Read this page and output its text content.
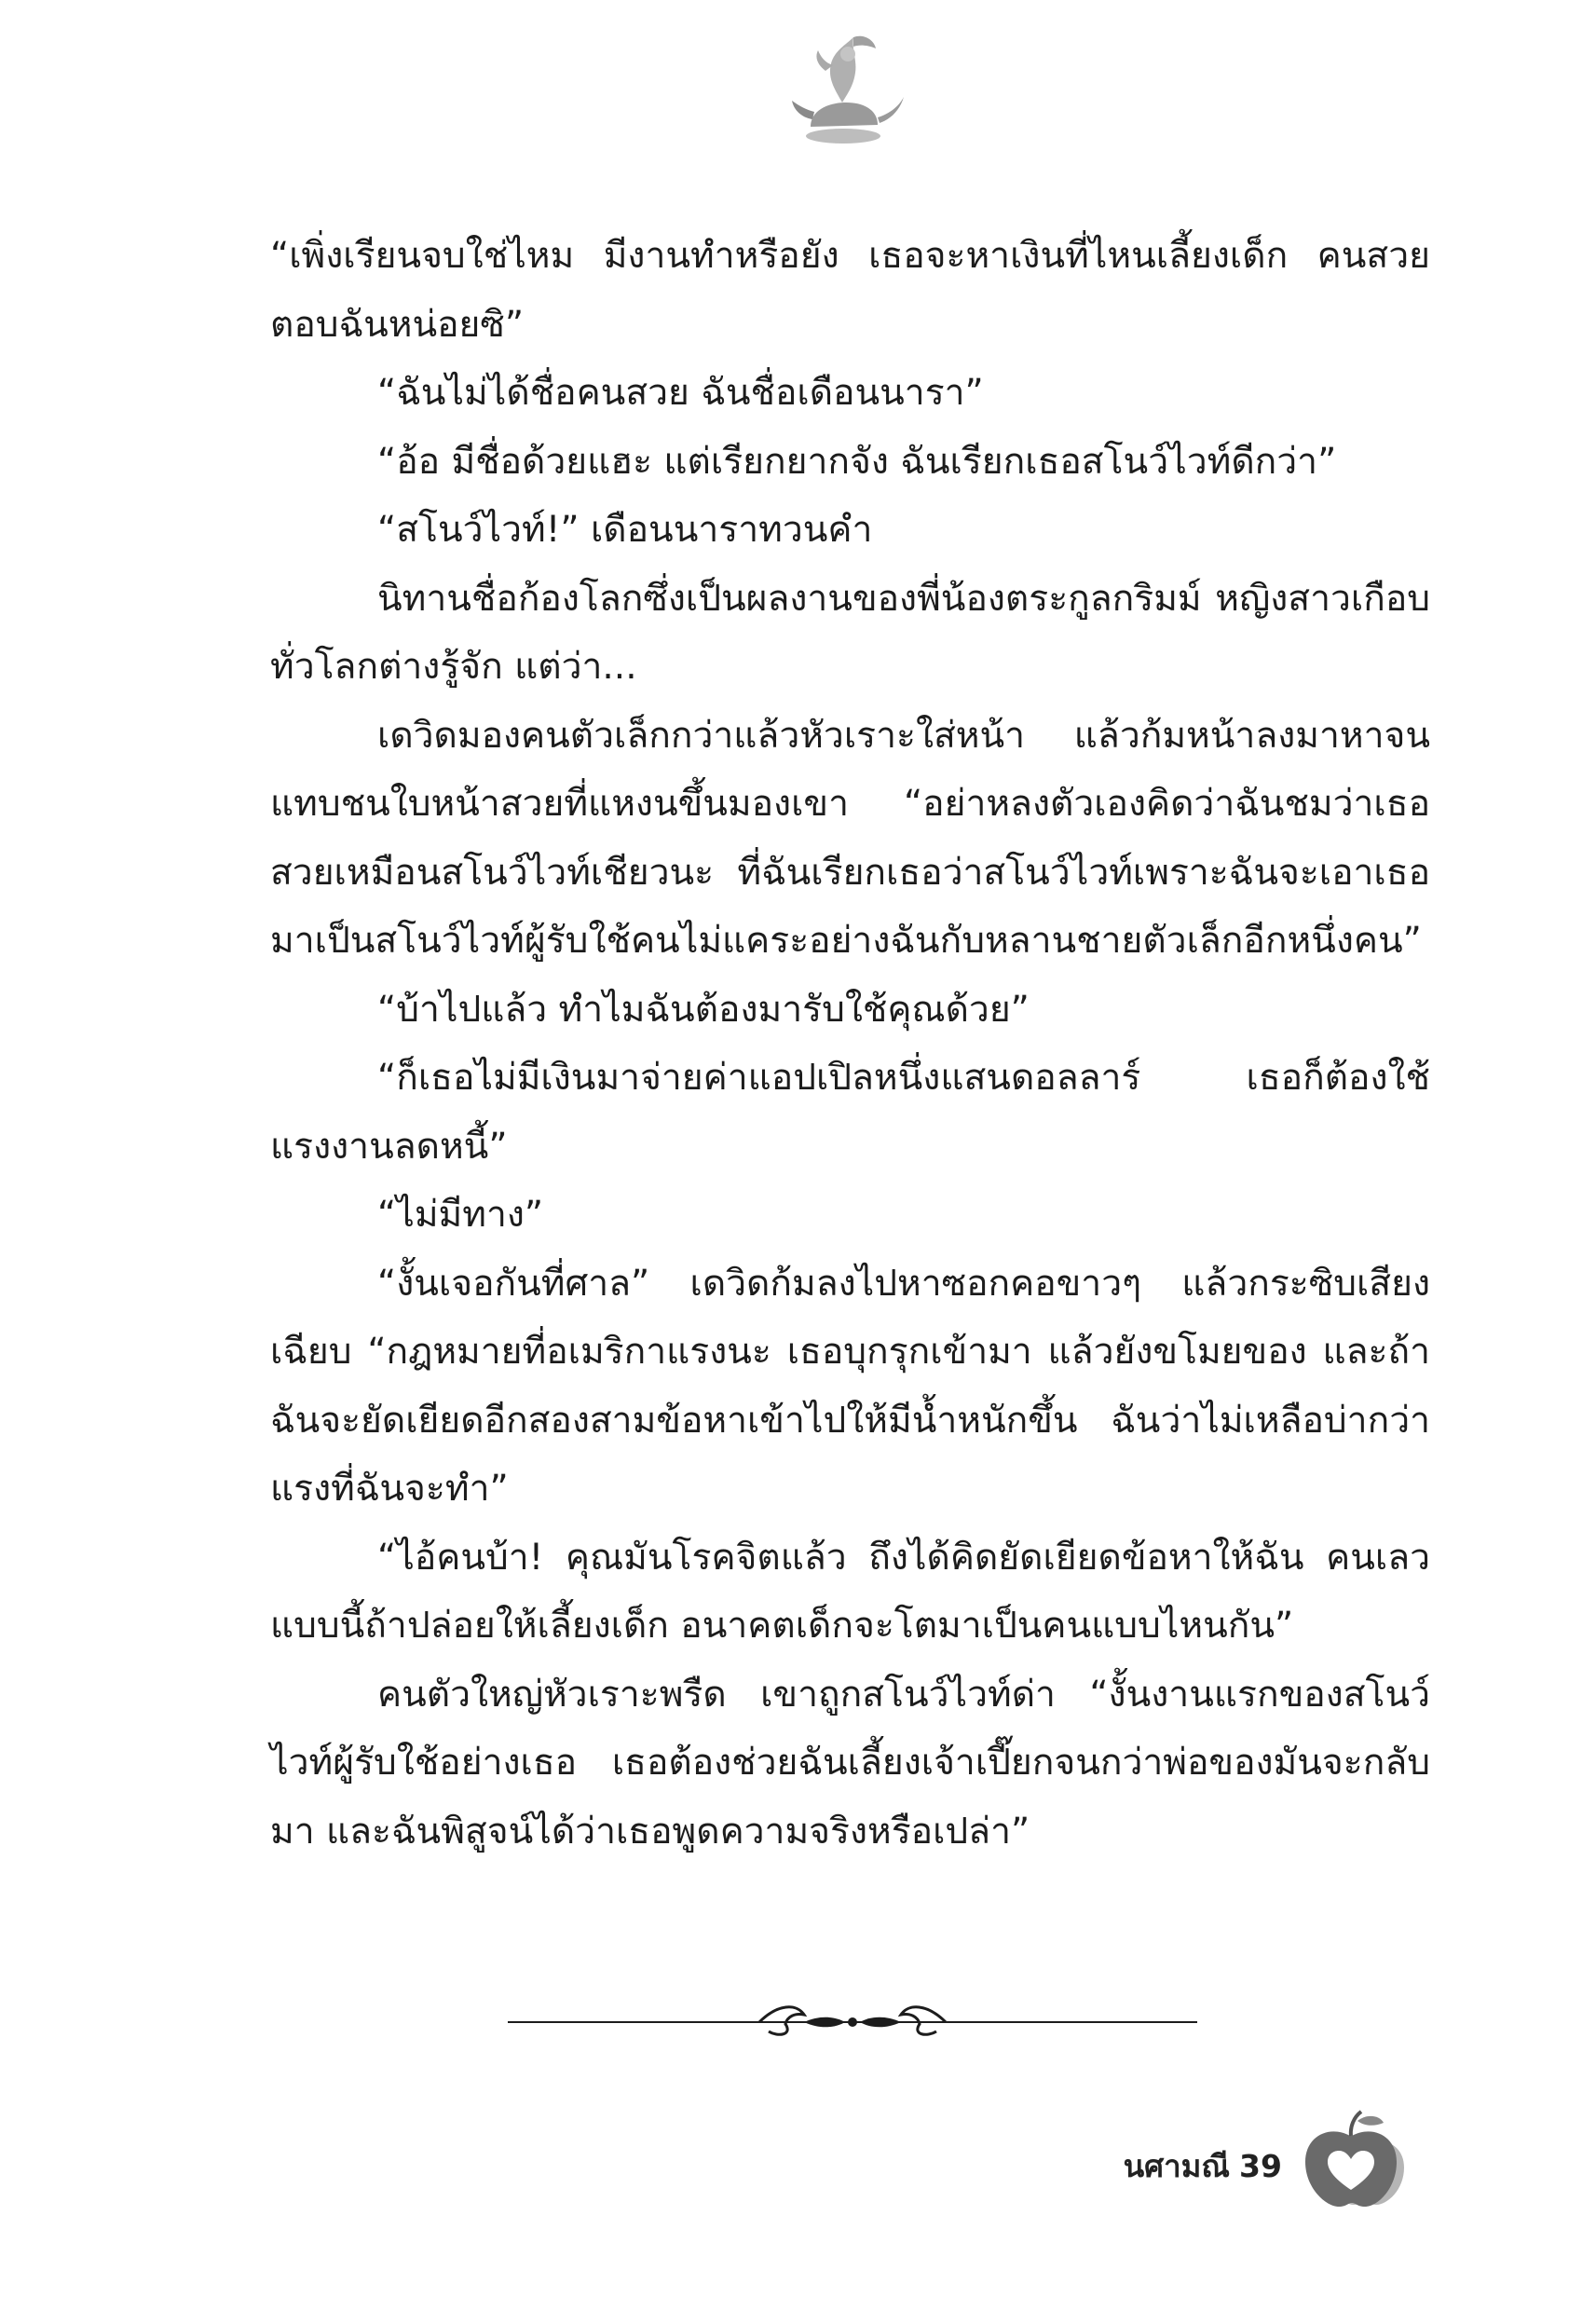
“เพิ่งเรียนจบใช่ไหม มีงานทำหรือยัง เธอจะหาเงินที่ไหนเลี้ยงเด็ก คนสวย ตอบฉันหน่อยซิ”

“ฉันไม่ได้ชื่อคนสวย ฉันชื่อเดือนนารา”

“อ้อ มีชื่อด้วยแฮะ แต่เรียกยากจัง ฉันเรียกเธอสโนว์ไวท์ดีกว่า”

“สโนว์ไวท์!” เดือนนาราทวนคำ

นิทานชื่อก้องโลกซึ่งเป็นผลงานของพี่น้องตระกูลกริมม์ หญิงสาวเกือบทั่วโลกต่างรู้จัก แต่ว่า...

เดวิดมองคนตัวเล็กกว่าแล้วหัวเราะใส่หน้า แล้วก้มหน้าลงมาหาจนแทบชนใบหน้าสวยที่แหงนขึ้นมองเขา “อย่าหลงตัวเองคิดว่าฉันชมว่าเธอสวยเหมือนสโนว์ไวท์เชียวนะ ที่ฉันเรียกเธอว่าสโนว์ไวท์เพราะฉันจะเอาเธอมาเป็นสโนว์ไวท์ผู้รับใช้คนไม่แคระอย่างฉันกับหลานชายตัวเล็กอีกหนึ่งคน”

“บ้าไปแล้ว ทำไมฉันต้องมารับใช้คุณด้วย”

“ก็เธอไม่มีเงินมาจ่ายค่าแอปเปิลหนึ่งแสนดอลลาร์ เธอก็ต้องใช้แรงงานลดหนี้”

“ไม่มีทาง”

“งั้นเจอกันที่ศาล” เดวิดก้มลงไปหาซอกคอขาวๆ แล้วกระซิบเสียงเฉียบ “กฎหมายที่อเมริกาแรงนะ เธอบุกรุกเข้ามา แล้วยังขโมยของ และถ้าฉันจะยัดเยียดอีกสองสามข้อหาเข้าไปให้มีน้ำหนักขึ้น ฉันว่าไม่เหลือบ่ากว่าแรงที่ฉันจะทำ”

“ไอ้คนบ้า! คุณมันโรคจิตแล้ว ถึงได้คิดยัดเยียดข้อหาให้ฉัน คนเลวแบบนี้ถ้าปล่อยให้เลี้ยงเด็ก อนาคตเด็กจะโตมาเป็นคนแบบไหนกัน”

คนตัวใหญ่หัวเราะพรืด เขาถูกสโนว์ไวท์ด่า “งั้นงานแรกของสโนว์ไวท์ผู้รับใช้อย่างเธอ เธอต้องช่วยฉันเลี้ยงเจ้าเปี๊ยกจนกว่าพ่อของมันจะกลับมา และฉันพิสูจน์ได้ว่าเธอพูดความจริงหรือเปล่า”

นศามณี 39
